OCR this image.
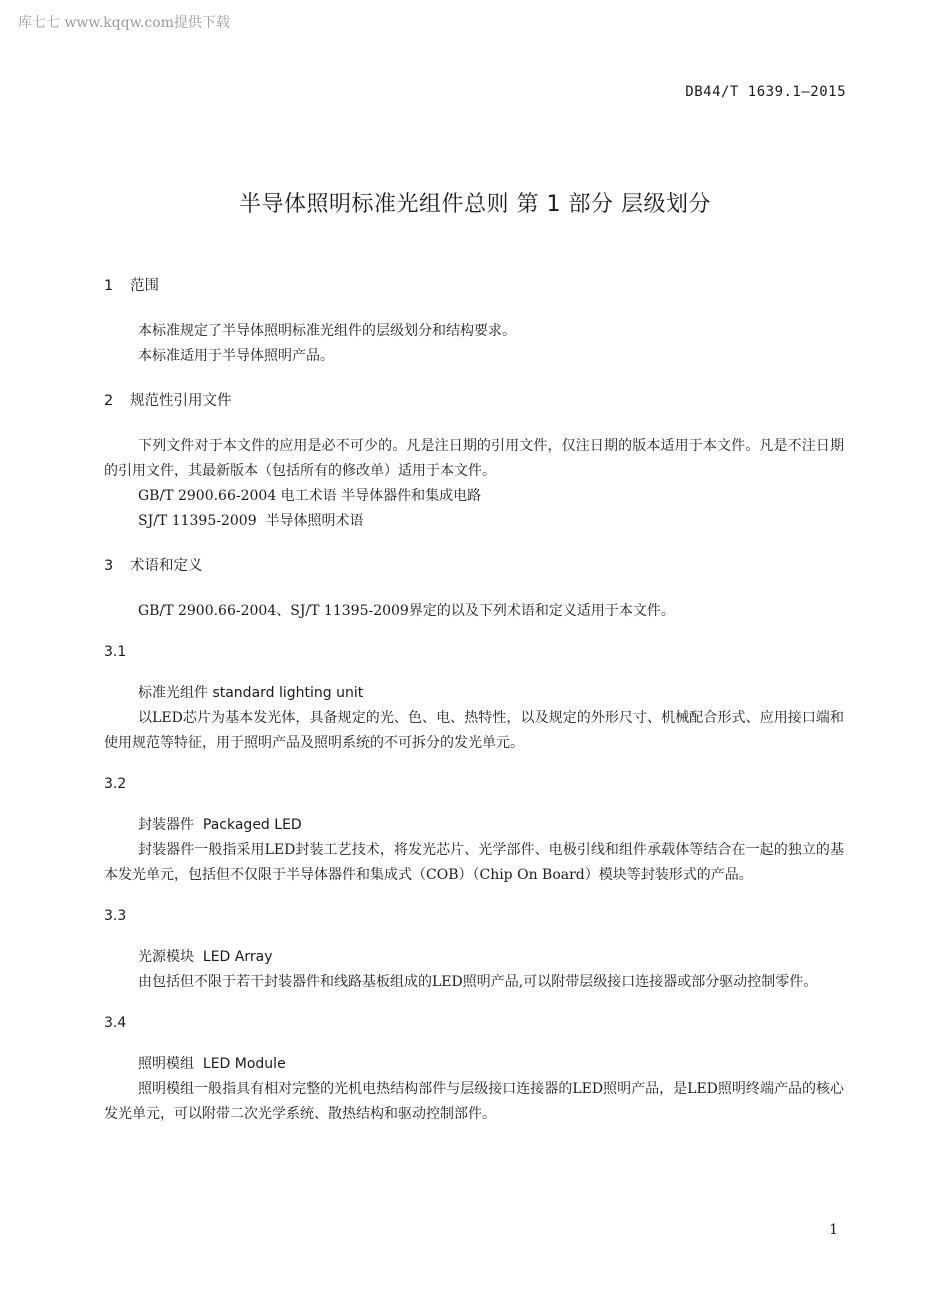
库七七 www.kqqw.com提供下载
DB44/T 1639.1—2015
半导体照明标准光组件总则 第 1 部分 层级划分
1 范围

本标准规定了半导体照明标准光组件的层级划分和结构要求。

本标准适用于半导体照明产品。

2 规范性引用文件

下列文件对于本文件的应用是必不可少的。凡是注日期的引用文件，仅注日期的版本适用于本文件。凡是不注日期的引用文件，其最新版本（包括所有的修改单）适用于本文件。

GB/T 2900.66-2004 电工术语 半导体器件和集成电路

SJ/T 11395-2009  半导体照明术语

3 术语和定义

GB/T 2900.66-2004、SJ/T 11395-2009界定的以及下列术语和定义适用于本文件。

3.1
标准光组件 standard lighting unit

以LED芯片为基本发光体，具备规定的光、色、电、热特性，以及规定的外形尺寸、机械配合形式、应用接口端和使用规范等特征，用于照明产品及照明系统的不可拆分的发光单元。

3.2
封装器件  Packaged LED

封装器件一般指采用LED封装工艺技术，将发光芯片、光学部件、电极引线和组件承载体等结合在一起的独立的基本发光单元，包括但不仅限于半导体器件和集成式（COB）（Chip On Board）模块等封装形式的产品。

3.3
光源模块  LED Array

由包括但不限于若干封装器件和线路基板组成的LED照明产品,可以附带层级接口连接器或部分驱动控制零件。

3.4
照明模组  LED Module

照明模组一般指具有相对完整的光机电热结构部件与层级接口连接器的LED照明产品，是LED照明终端产品的核心发光单元，可以附带二次光学系统、散热结构和驱动控制部件。

1
